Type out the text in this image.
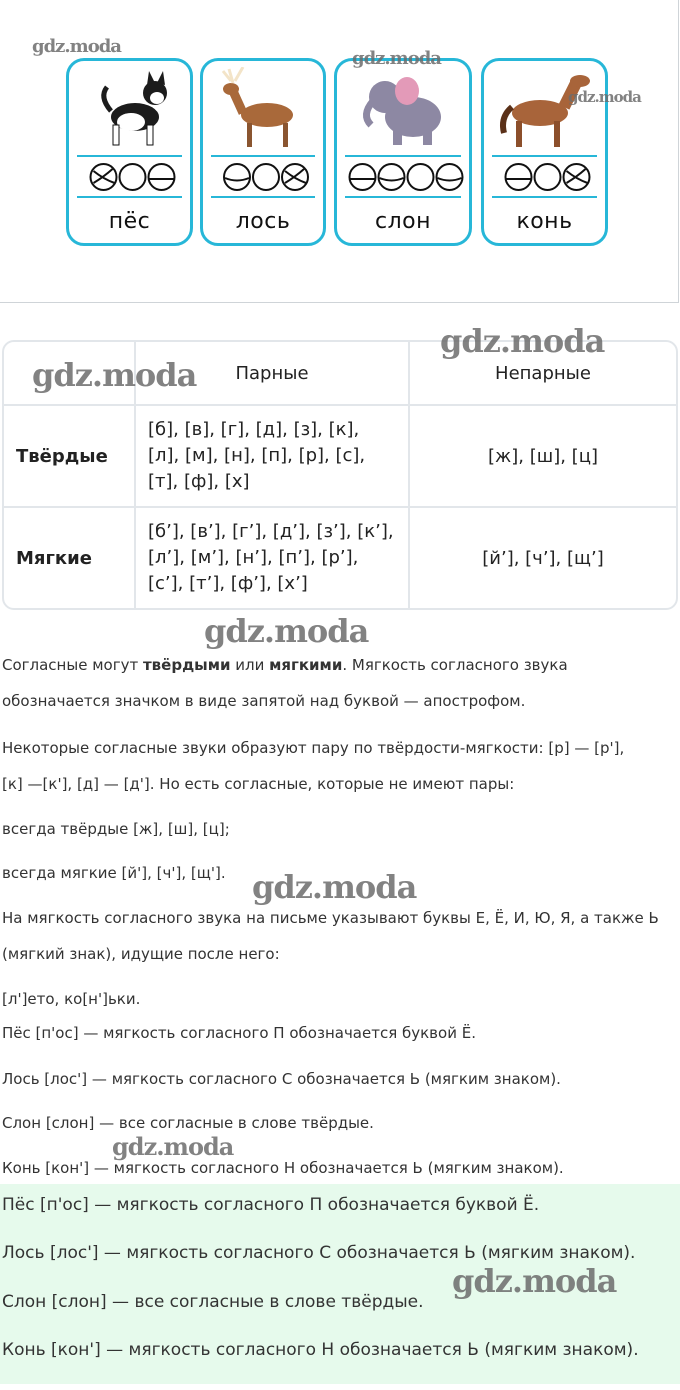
пёс	лось	слон	конь
	Парные	Непарные
Твёрдые	[б], [в], [г], [д], [з], [к], [л], [м], [н], [п], [р], [с], [т], [ф], [х]	[ж], [ш], [ц]
Мягкие	[б’], [в’], [г’], [д’], [з’], [к’], [л’], [м’], [н’], [п’], [р’], [с’], [т’], [ф’], [х’]	[й’], [ч’], [щ’]
Согласные могут твёрдыми или мягкими. Мягкость согласного звука
обозначается значком в виде запятой над буквой — апострофом.
Некоторые согласные звуки образуют пару по твёрдости-мягкости: [р] — [р'],
[к] —[к'], [д] — [д']. Но есть согласные, которые не имеют пары:
всегда твёрдые [ж], [ш], [ц];
всегда мягкие [й'], [ч'], [щ'].
На мягкость согласного звука на письме указывают буквы Е, Ё, И, Ю, Я, а также Ь
(мягкий знак), идущие после него:
[л']ето, ко[н']ьки.
Пёс [п'ос] — мягкость согласного П обозначается буквой Ё.
Лось [лос'] — мягкость согласного С обозначается Ь (мягким знаком).
Слон [слон] — все согласные в слове твёрдые.
Конь [кон'] — мягкость согласного Н обозначается Ь (мягким знаком).
Пёс [п'ос] — мягкость согласного П обозначается буквой Ё.
Лось [лос'] — мягкость согласного С обозначается Ь (мягким знаком).
Слон [слон] — все согласные в слове твёрдые.
Конь [кон'] — мягкость согласного Н обозначается Ь (мягким знаком).
gdz.moda
gdz.moda
gdz.moda
gdz.moda
gdz.moda
gdz.moda
gdz.moda
gdz.moda
gdz.moda
